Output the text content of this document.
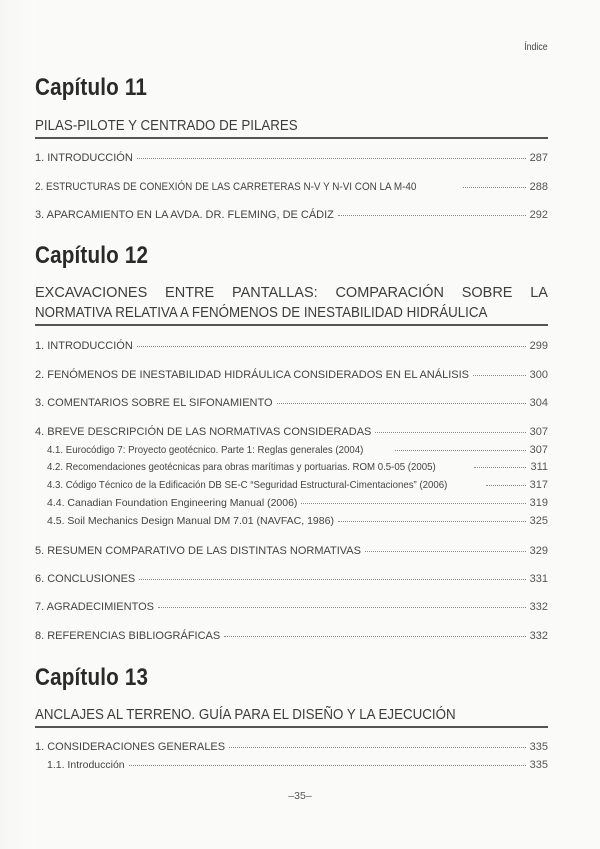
Índice
Capítulo 11
PILAS-PILOTE Y CENTRADO DE PILARES
1. INTRODUCCIÓN	287
2. ESTRUCTURAS DE CONEXIÓN DE LAS CARRETERAS N-V Y N-VI CON LA M-40	288
3. APARCAMIENTO EN LA AVDA. DR. FLEMING, DE CÁDIZ	292
Capítulo 12
EXCAVACIONES ENTRE PANTALLAS: COMPARACIÓN SOBRE LA
NORMATIVA RELATIVA A FENÓMENOS DE INESTABILIDAD HIDRÁULICA
1. INTRODUCCIÓN	299
2. FENÓMENOS DE INESTABILIDAD HIDRÁULICA CONSIDERADOS EN EL ANÁLISIS	300
3. COMENTARIOS SOBRE EL SIFONAMIENTO	304
4. BREVE DESCRIPCIÓN DE LAS NORMATIVAS CONSIDERADAS	307
4.1. Eurocódigo 7: Proyecto geotécnico. Parte 1: Reglas generales (2004)	307
4.2. Recomendaciones geotécnicas para obras marítimas y portuarias. ROM 0.5-05 (2005)	311
4.3. Código Técnico de la Edificación DB SE-C “Seguridad Estructural-Cimentaciones” (2006)	317
4.4. Canadian Foundation Engineering Manual (2006)	319
4.5. Soil Mechanics Design Manual DM 7.01 (NAVFAC, 1986)	325
5. RESUMEN COMPARATIVO DE LAS DISTINTAS NORMATIVAS	329
6. CONCLUSIONES	331
7. AGRADECIMIENTOS	332
8. REFERENCIAS BIBLIOGRÁFICAS	332
Capítulo 13
ANCLAJES AL TERRENO. GUÍA PARA EL DISEÑO Y LA EJECUCIÓN
1. CONSIDERACIONES GENERALES	335
1.1. Introducción	335
–35–
